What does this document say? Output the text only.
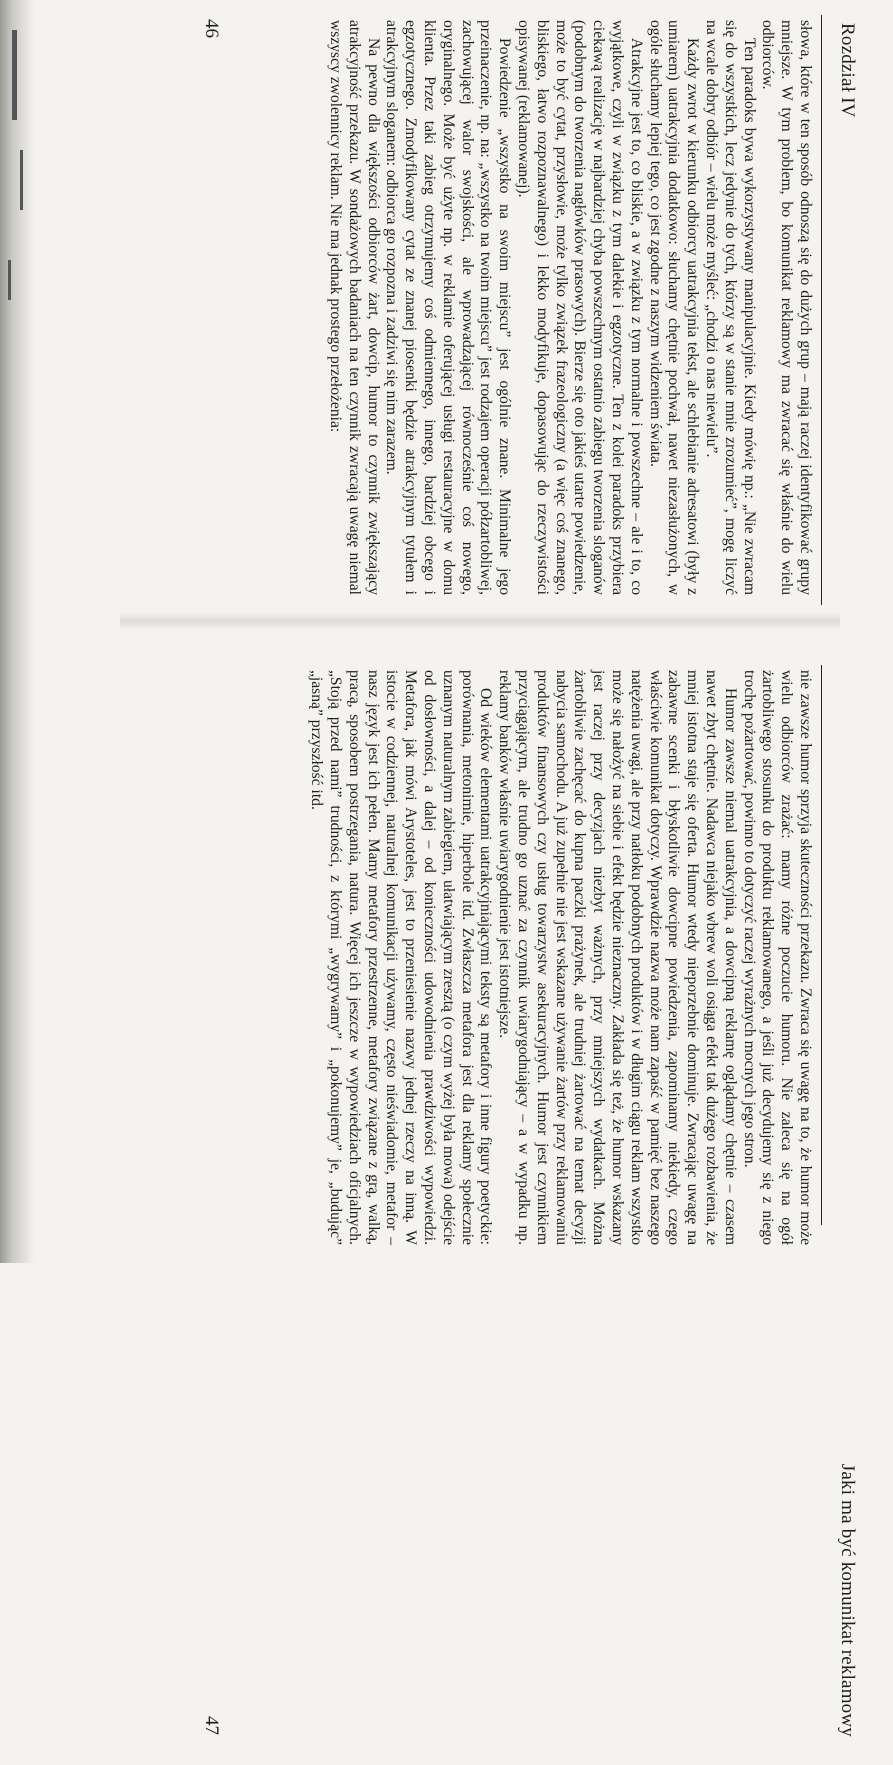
Rozdział IV

słowa, które w ten sposób odnoszą się do dużych grup – mają raczej identyfikować grupy mniejsze. W tym problem, bo komunikat reklamowy ma zwracać się właśnie do wielu odbiorców.

Ten paradoks bywa wykorzystywany manipulacyjnie. Kiedy mówię np.: „Nie zwracam się do wszystkich, lecz jedynie do tych, którzy są w stanie mnie zrozumieć”, mogę liczyć na wcale dobry odbiór – wielu może myśleć: „chodzi o nas niewielu”.

Każdy zwrot w kierunku odbiorcy uatrakcyjnia tekst, ale schlebianie adresatowi (były z umiarem) uatrakcyjnia dodatkowo: słuchamy chętnie pochwał, nawet niezasłużonych, w ogóle słuchamy lepiej tego, co jest zgodne z naszym widzeniem świata.

Atrakcyjne jest to, co bliskie, a w związku z tym normalne i powszechne – ale i to, co wyjątkowe, czyli w związku z tym dalekie i egzotyczne. Ten z kolei paradoks przybiera ciekawą realizację w najbardziej chyba powszechnym ostatnio zabiegu tworzenia sloganów (podobnym do tworzenia nagłówków prasowych). Bierze się oto jakieś utarte powiedzenie, może to być cytat, przysłowie, może tylko związek frazeologiczny (a więc coś znanego, bliskiego, łatwo rozpoznawalnego) i lekko modyfikuje, dopasowując do rzeczywistości opisywanej (reklamowanej).

Powiedzenie „wszystko na swoim miejscu” jest ogólnie znane. Minimalne jego przeinaczenie, np. na: „wszystko na twoim miejscu” jest rodzajem operacji półzartobliwej, zachowującej walor swojskości, ale wprowadzającej równocześnie coś nowego, oryginalnego. Może być użyte np. w reklamie oferującej usługi restauracyjne w domu klienta. Przez taki zabieg otrzymujemy coś odmiennego, innego, bardziej obcego i egzotycznego. Zmodyfikowany cytat ze znanej piosenki będzie atrakcyjnym tytułem i atrakcyjnym sloganem: odbiorca go rozpozna i zadziwi się nim zarazem.

Na pewno dla większości odbiorców żart, dowcip, humor to czynnik zwiększający atrakcyjność przekazu. W sondażowych badaniach na ten czynnik zwracają uwagę niemal wszyscy zwolennicy reklam. Nie ma jednak prostego przełożenia:

46
Jaki ma być komunikat reklamowy

nie zawsze humor sprzyja skuteczności przekazu. Zwraca się uwagę na to, że humor może wielu odbiorców zrażać: mamy różne poczucie humoru. Nie zaleca się na ogół żartobliwego stosunku do produktu reklamowanego, a jeśli już decydujemy się z niego trochę pożartować, powinno to dotyczyć raczej wyrażnych mocnych jego stron.

Humor zawsze niemal uatrakcyjnia, a dowcipną reklamę oglądamy chętnie – czasem nawet zbyt chętnie. Nadawca niejako wbrew woli osiąga efekt tak dużego rozbawienia, że mniej istotna staje się oferta. Humor wtedy nieporzebnie dominuje. Zwracając uwagę na zabawne scenki i błyskotliwie dowcipne powiedzenia, zapominamy niekiedy, czego właściwie komunikat dotyczy. Wprawdzie nazwa może nam zapaść w pamięć bez naszego natężenia uwagi, ale przy natłoku podobnych produktów i w długim ciągu reklam wszystko może się nałożyć na siebie i efekt będzie nieznaczny. Zakłada się też, że humor wskazany jest raczej przy decyzjach niezbyt ważnych, przy mniejszych wydatkach. Można żartobliwie zachęcać do kupna paczki prażynek, ale trudniej żartować na temat decyzji nabycia samochodu. A już zupełnie nie jest wskazane używanie żartów przy reklamowaniu produktów finansowych czy usług towarzystw asekuracyjnych. Humor jest czynnikiem przyciągającym, ale trudno go uznać za czynnik uwiarygodniający – a w wypadku np. reklamy banków właśnie uwiarygodnienie jest istotniejsze.

Od wieków elementami uatrakcyjniającymi teksty są metafory i inne figury poetyckie: porównania, metonimie, hiperbole itd. Zwłaszcza metafora jest dla reklamy społecznie uznanym naturalnym zabiegiem, ułatwiającym zresztą (o czym wyżej była mowa) odejście od dosłowności, a dalej – od konieczności udowodnienia prawdziwości wypowiedzi. Metafora, jak mówi Arystoteles, jest to przeniesienie nazwy jednej rzeczy na inną. W istocie w codziennej, naturalnej komunikacji używamy, często nieświadomie, metafor – nasz język jest ich pełen. Mamy metafory przestrzenne, metafory związane z grą, walką, pracą, sposobem postrzegania, natura. Więcej ich jeszcze w wypowiedziach oficjalnych. „Stoją przed nami” trudności, z którymi „wygrywamy” i „pokonujemy” je, „budując” „jasną” przyszłość itd.

47
